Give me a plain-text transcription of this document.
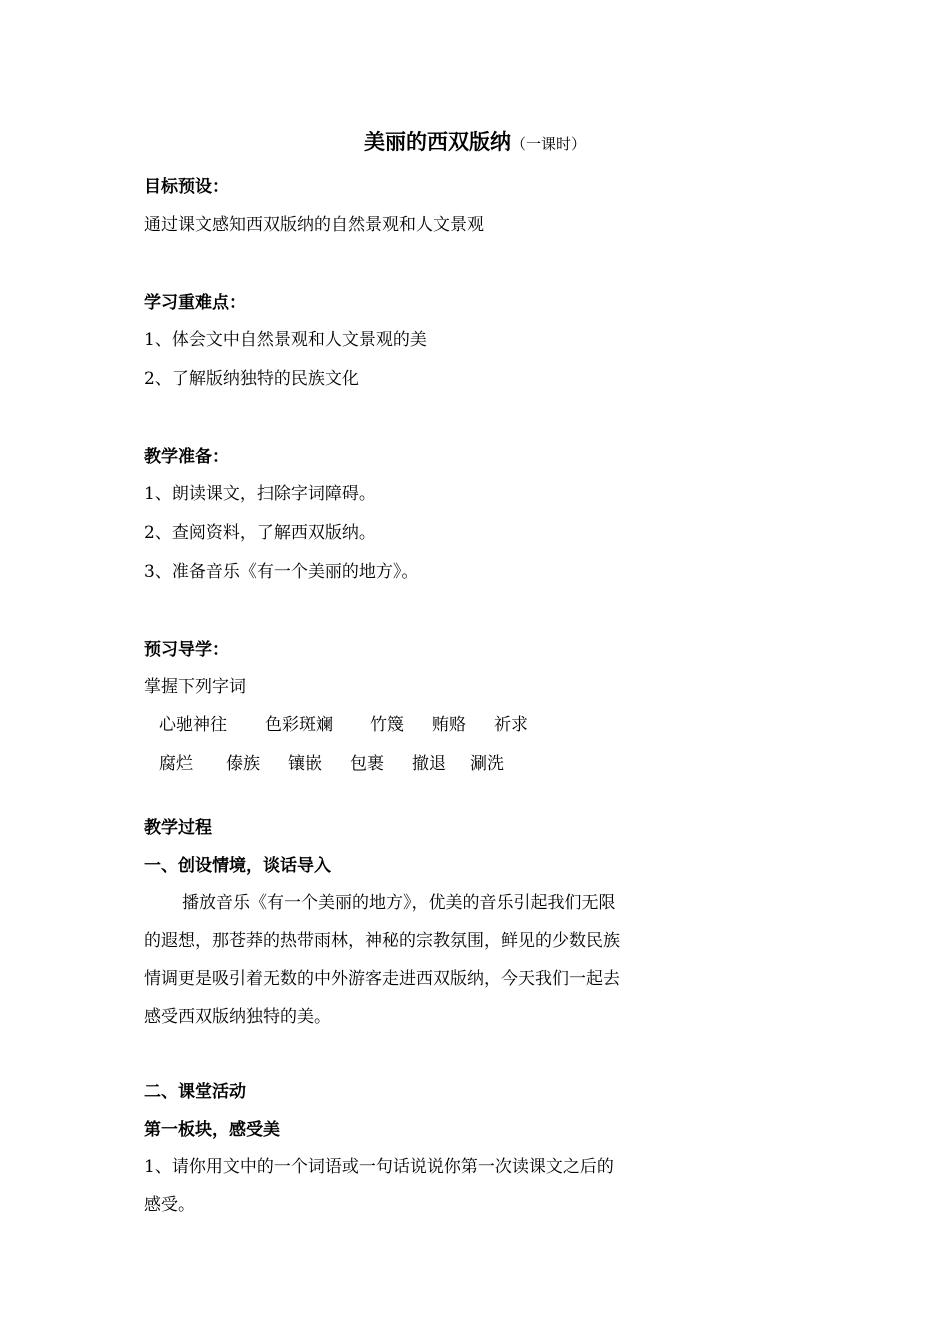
美丽的西双版纳（一课时）
目标预设：
通过课文感知西双版纳的自然景观和人文景观
学习重难点：
1、体会文中自然景观和人文景观的美
2、了解版纳独特的民族文化
教学准备：
1、朗读课文，扫除字词障碍。
2、查阅资料，了解西双版纳。
3、准备音乐《有一个美丽的地方》。
预习导学：
掌握下列字词
心驰神往 色彩斑斓 竹篾 贿赂 祈求
腐烂 傣族 镶嵌 包裹 撤退 涮洗
教学过程
一、创设情境，谈话导入
播放音乐《有一个美丽的地方》，优美的音乐引起我们无限
的遐想，那苍莽的热带雨林，神秘的宗教氛围，鲜见的少数民族
情调更是吸引着无数的中外游客走进西双版纳，今天我们一起去
感受西双版纳独特的美。
二、课堂活动
第一板块，感受美
1、请你用文中的一个词语或一句话说说你第一次读课文之后的
感受。
